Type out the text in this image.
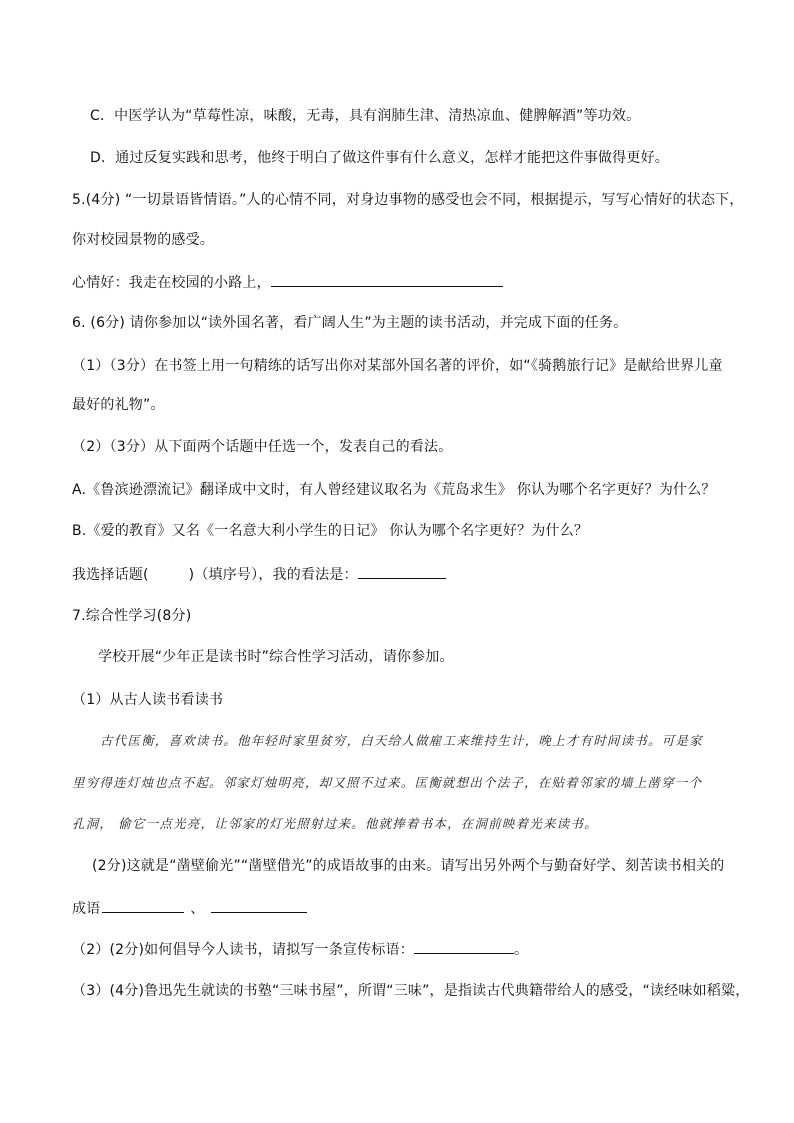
C．中医学认为“草莓性凉，味酸，无毒，具有润肺生津、清热凉血、健脾解酒”等功效。
D．通过反复实践和思考，他终于明白了做这件事有什么意义，怎样才能把这件事做得更好。
5.(4分) “一切景语皆情语。”人的心情不同，对身边事物的感受也会不同，根据提示，写写心情好的状态下，
你对校园景物的感受。
心情好：我走在校园的小路上，
6. (6分) 请你参加以“读外国名著，看广阔人生”为主题的读书活动，并完成下面的任务。
（1）（3分）在书签上用一句精练的话写出你对某部外国名著的评价，如“《骑鹅旅行记》是献给世界儿童
最好的礼物”。
（2）（3分）从下面两个话题中任选一个，发表自己的看法。
A.《鲁滨逊漂流记》翻译成中文时，有人曾经建议取名为《荒岛求生》 你认为哪个名字更好？为什么？
B.《爱的教育》又名《一名意大利小学生的日记》 你认为哪个名字更好？为什么？
我选择话题(	)（填序号），我的看法是：
7.综合性学习(8分)
学校开展“少年正是读书时”综合性学习活动，请你参加。
（1）从古人读书看读书
古代匡衡，喜欢读书。他年轻时家里贫穷，白天给人做雇工来维持生计，晚上才有时间读书。可是家
里穷得连灯烛也点不起。邻家灯烛明亮，却又照不过来。匡衡就想出个法子，在贴着邻家的墙上凿穿一个
孔洞， 偷它一点光亮，让邻家的灯光照射过来。他就捧着书本，在洞前映着光来读书。
(2分)这就是“凿壁偷光”“凿壁借光”的成语故事的由来。请写出另外两个与勤奋好学、刻苦读书相关的
成语	、
（2）(2分)如何倡导今人读书，请拟写一条宣传标语：	。
（3）(4分)鲁迅先生就读的书塾“三味书屋”，所谓“三味”，是指读古代典籍带给人的感受，“读经味如稻粱，
